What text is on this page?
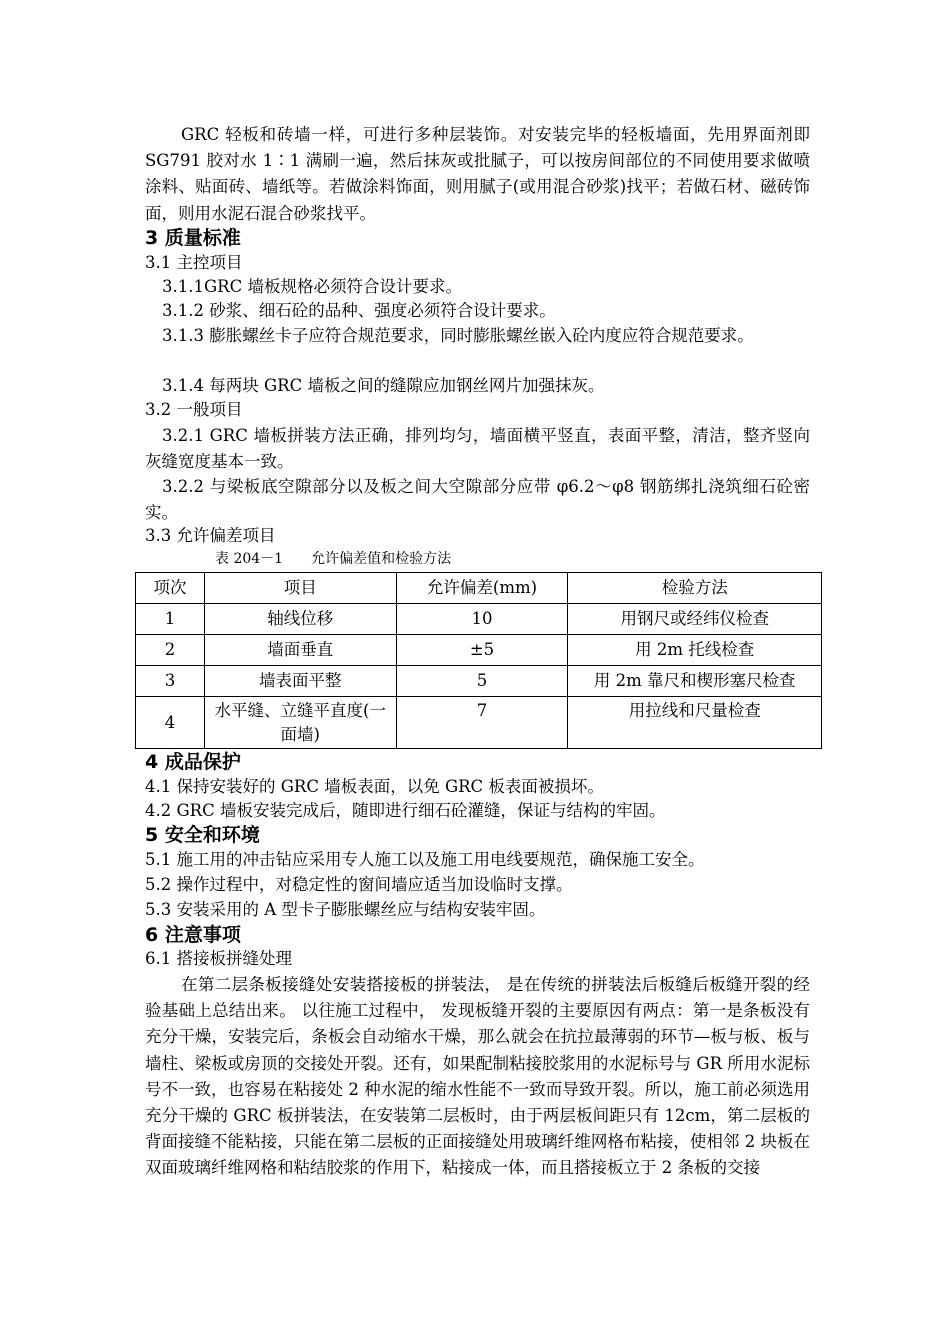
GRC 轻板和砖墙一样，可进行多种层装饰。对安装完毕的轻板墙面，先用界面剂即 SG791 胶对水 1∶1 满刷一遍，然后抹灰或批腻子，可以按房间部位的不同使用要求做喷涂料、贴面砖、墙纸等。若做涂料饰面，则用腻子(或用混合砂浆)找平；若做石材、磁砖饰面，则用水泥石混合砂浆找平。

3 质量标准
3.1 主控项目
3.1.1GRC 墙板规格必须符合设计要求。
3.1.2 砂浆、细石砼的品种、强度必须符合设计要求。

3.1.3 膨胀螺丝卡子应符合规范要求，同时膨胀螺丝嵌入砼内度应符合规范要求。

3.1.4 每两块 GRC 墙板之间的缝隙应加钢丝网片加强抹灰。
3.2 一般项目

3.2.1 GRC 墙板拼装方法正确，排列均匀，墙面横平竖直，表面平整，清洁，整齐竖向灰缝宽度基本一致。

3.2.2 与梁板底空隙部分以及板之间大空隙部分应带 φ6.2～φ8 钢筋绑扎浇筑细石砼密实。

3.3 允许偏差项目
表 204－1 允许偏差值和检验方法
项次	项目	允许偏差(mm)	检验方法
1	轴线位移	10	用钢尺或经纬仪检查
2	墙面垂直	±5	用 2m 托线检查
3	墙表面平整	5	用 2m 靠尺和楔形塞尺检查
4	水平缝、立缝平直度(一面墙)	7	用拉线和尺量检查
4 成品保护
4.1 保持安装好的 GRC 墙板表面，以免 GRC 板表面被损坏。
4.2 GRC 墙板安装完成后，随即进行细石砼灌缝，保证与结构的牢固。
5 安全和环境
5.1 施工用的冲击钻应采用专人施工以及施工用电线要规范，确保施工安全。
5.2 操作过程中，对稳定性的窗间墙应适当加设临时支撑。
5.3 安装采用的 A 型卡子膨胀螺丝应与结构安装牢固。
6 注意事项
6.1 搭接板拼缝处理

在第二层条板接缝处安装搭接板的拼装法， 是在传统的拼装法后板缝后板缝开裂的经验基础上总结出来。 以往施工过程中， 发现板缝开裂的主要原因有两点：第一是条板没有充分干燥，安装完后，条板会自动缩水干燥，那么就会在抗拉最薄弱的环节—板与板、板与墙柱、梁板或房顶的交接处开裂。还有，如果配制粘接胶浆用的水泥标号与 GR 所用水泥标号不一致，也容易在粘接处 2 种水泥的缩水性能不一致而导致开裂。所以，施工前必须选用充分干燥的 GRC 板拼装法，在安装第二层板时，由于两层板间距只有 12cm，第二层板的背面接缝不能粘接，只能在第二层板的正面接缝处用玻璃纤维网格布粘接，使相邻 2 块板在双面玻璃纤维网格和粘结胶浆的作用下，粘接成一体，而且搭接板立于 2 条板的交接
